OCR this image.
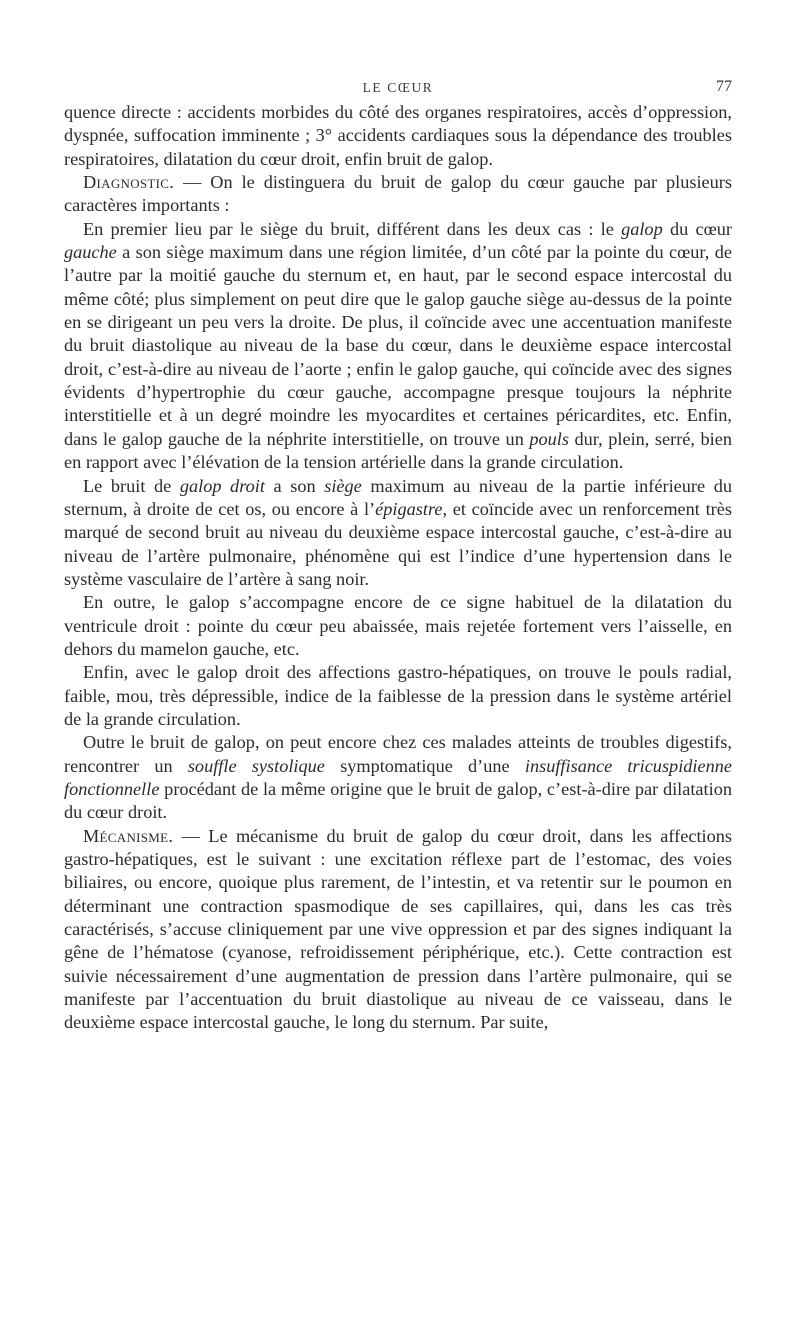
LE CŒUR	77

quence directe : accidents morbides du côté des organes respiratoires, accès d’oppression, dyspnée, suffocation imminente ; 3° accidents cardiaques sous la dépendance des troubles respiratoires, dilatation du cœur droit, enfin bruit de galop.

Diagnostic. — On le distinguera du bruit de galop du cœur gauche par plusieurs caractères importants :

En premier lieu par le siège du bruit, différent dans les deux cas : le galop du cœur gauche a son siège maximum dans une région limitée, d’un côté par la pointe du cœur, de l’autre par la moitié gauche du sternum et, en haut, par le second espace intercostal du même côté; plus simplement on peut dire que le galop gauche siège au-dessus de la pointe en se dirigeant un peu vers la droite. De plus, il coïncide avec une accentuation manifeste du bruit diastolique au niveau de la base du cœur, dans le deuxième espace intercostal droit, c’est-à-dire au niveau de l’aorte ; enfin le galop gauche, qui coïncide avec des signes évidents d’hypertrophie du cœur gauche, accompagne presque toujours la néphrite interstitielle et à un degré moindre les myocardites et certaines péricardites, etc. Enfin, dans le galop gauche de la néphrite interstitielle, on trouve un pouls dur, plein, serré, bien en rapport avec l’élévation de la tension artérielle dans la grande circulation.

Le bruit de galop droit a son siège maximum au niveau de la partie inférieure du sternum, à droite de cet os, ou encore à l’épigastre, et coïncide avec un renforcement très marqué de second bruit au niveau du deuxième espace intercostal gauche, c’est-à-dire au niveau de l’artère pulmonaire, phénomène qui est l’indice d’une hypertension dans le système vasculaire de l’artère à sang noir.

En outre, le galop s’accompagne encore de ce signe habituel de la dilatation du ventricule droit : pointe du cœur peu abaissée, mais rejetée fortement vers l’aisselle, en dehors du mamelon gauche, etc.

Enfin, avec le galop droit des affections gastro-hépatiques, on trouve le pouls radial, faible, mou, très dépressible, indice de la faiblesse de la pression dans le système artériel de la grande circulation.

Outre le bruit de galop, on peut encore chez ces malades atteints de troubles digestifs, rencontrer un souffle systolique symptomatique d’une insuffisance tricuspidienne fonctionnelle procédant de la même origine que le bruit de galop, c’est-à-dire par dilatation du cœur droit.

Mécanisme. — Le mécanisme du bruit de galop du cœur droit, dans les affections gastro-hépatiques, est le suivant : une excitation réflexe part de l’estomac, des voies biliaires, ou encore, quoique plus rarement, de l’intestin, et va retentir sur le poumon en déterminant une contraction spasmodique de ses capillaires, qui, dans les cas très caractérisés, s’accuse cliniquement par une vive oppression et par des signes indiquant la gêne de l’hématose (cyanose, refroidissement périphérique, etc.). Cette contraction est suivie nécessairement d’une augmentation de pression dans l’artère pulmonaire, qui se manifeste par l’accentuation du bruit diastolique au niveau de ce vaisseau, dans le deuxième espace intercostal gauche, le long du sternum. Par suite,
